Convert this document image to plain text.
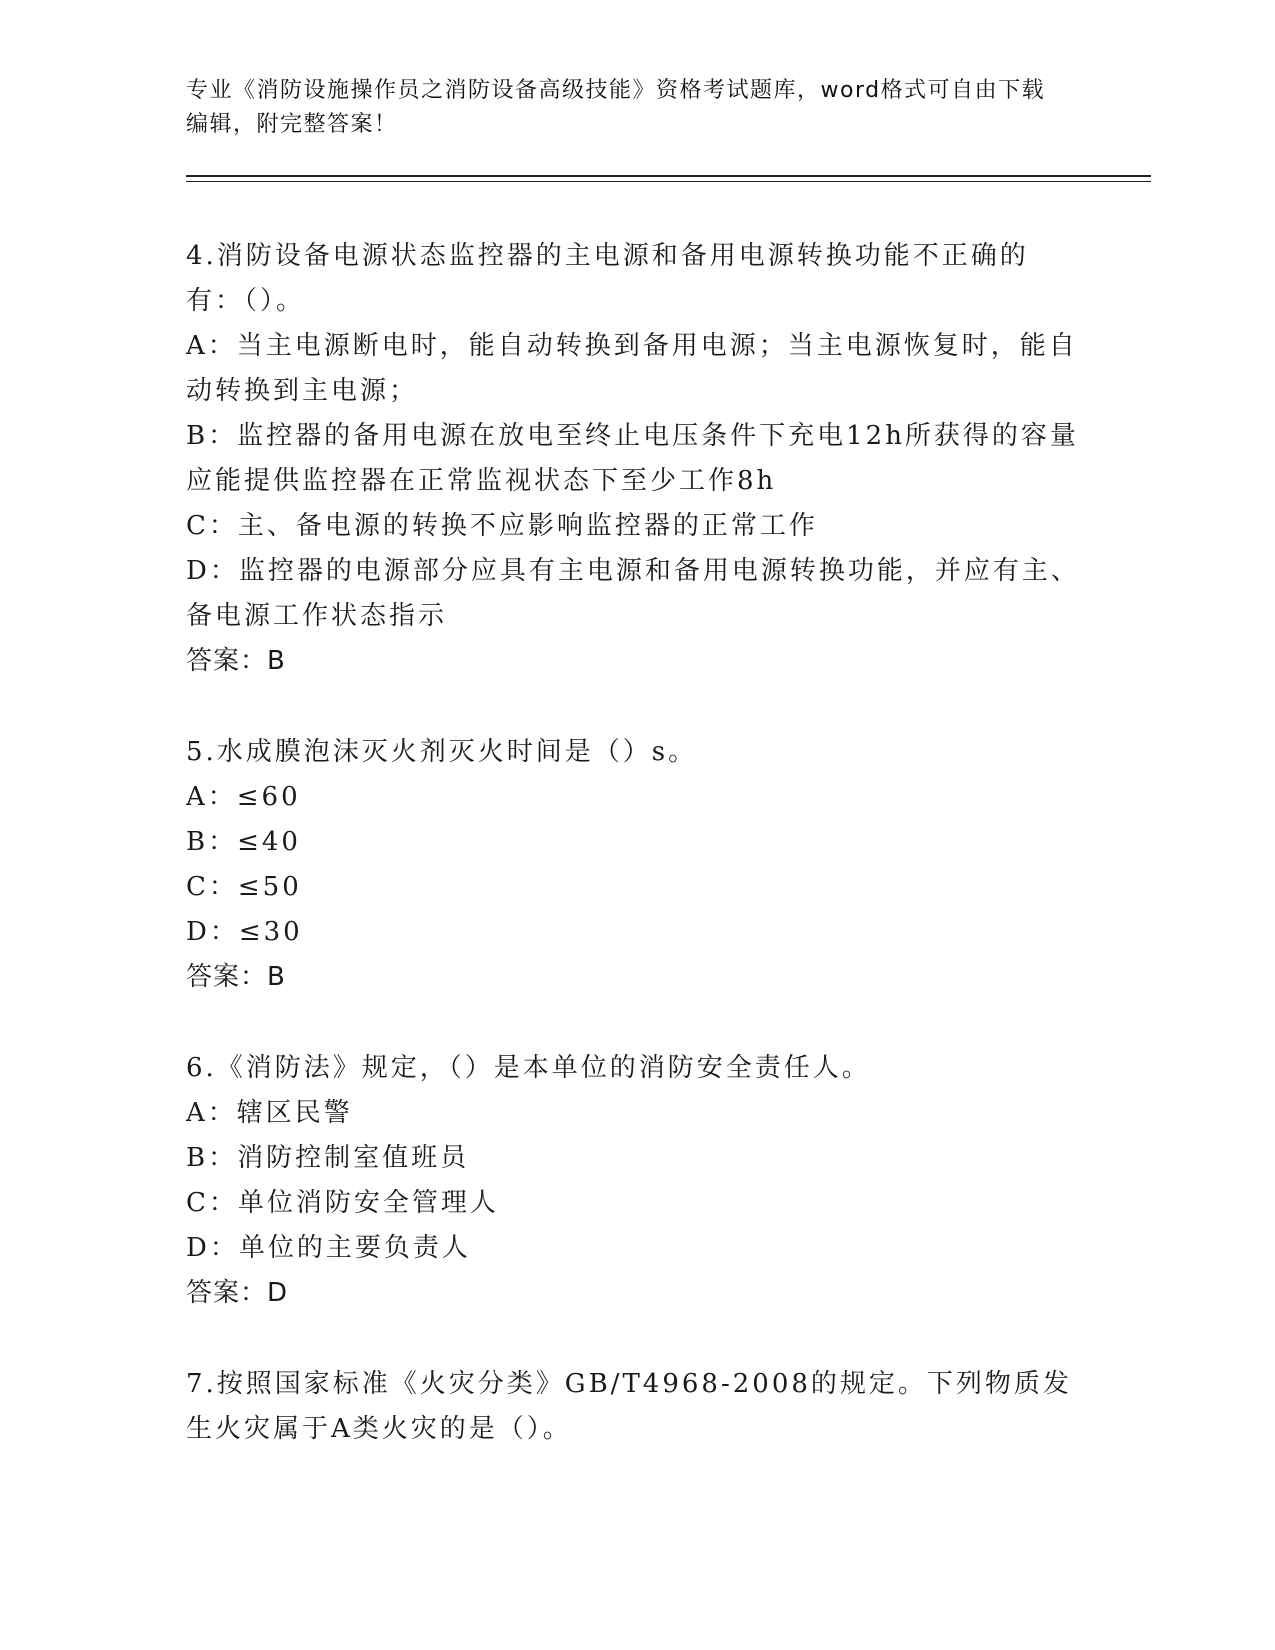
专业《消防设施操作员之消防设备高级技能》资格考试题库，word格式可自由下载编辑，附完整答案！

4.消防设备电源状态监控器的主电源和备用电源转换功能不正确的有：（）。

A：当主电源断电时，能自动转换到备用电源；当主电源恢复时，能自动转换到主电源；

B：监控器的备用电源在放电至终止电压条件下充电12h所获得的容量应能提供监控器在正常监视状态下至少工作8h

C：主、备电源的转换不应影响监控器的正常工作

D：监控器的电源部分应具有主电源和备用电源转换功能，并应有主、备电源工作状态指示

答案：B

5.水成膜泡沫灭火剂灭火时间是（）s。

A：≤60

B：≤40

C：≤50

D：≤30

答案：B

6.《消防法》规定，（）是本单位的消防安全责任人。

A：辖区民警

B：消防控制室值班员

C：单位消防安全管理人

D：单位的主要负责人

答案：D

7.按照国家标准《火灾分类》GB/T4968-2008的规定。下列物质发生火灾属于A类火灾的是（）。
